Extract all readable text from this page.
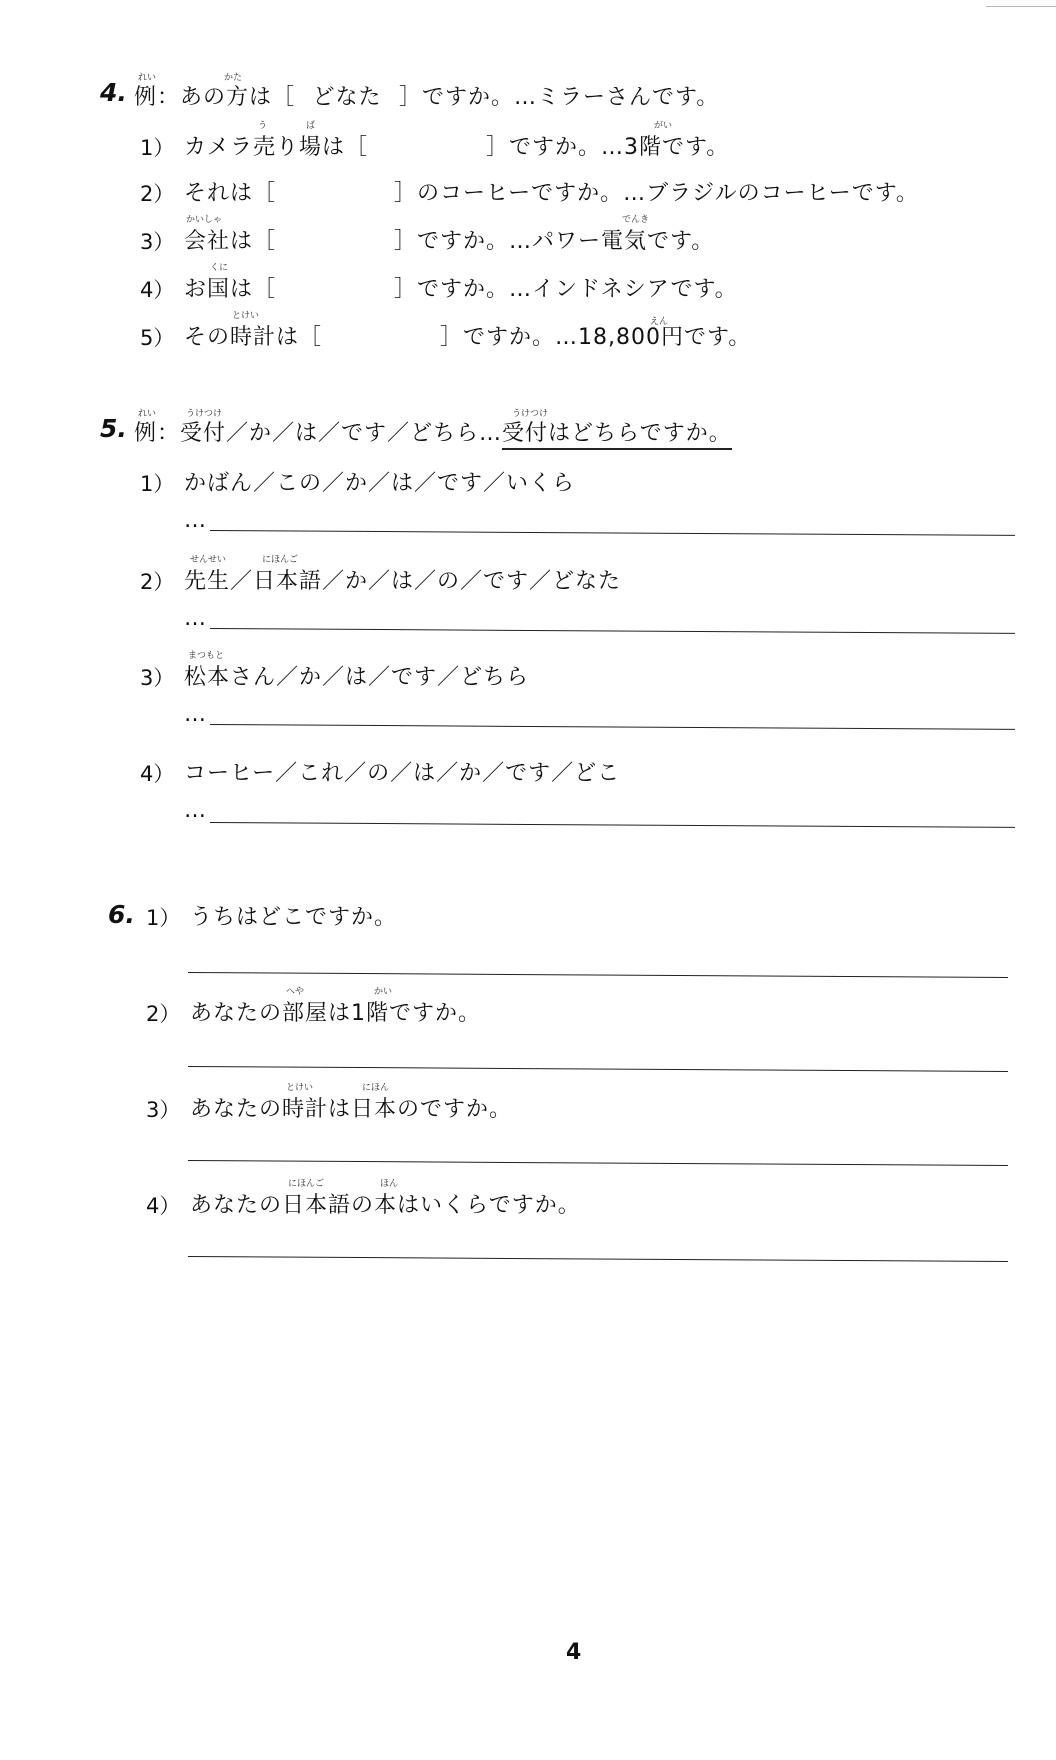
4. れい	かた
例：あの方は［ どなた ］ですか。…ミラーさんです。
う	ば	がい
1） カメラ売り場は［	］ですか。…3階です。
2） それは［	］のコーヒーですか。…ブラジルのコーヒーです。
かいしゃ	でんき
3） 会社は［	］ですか。…パワー電気です。
くに
4） お国は［	］ですか。…インドネシアです。
とけい
えん
5） その時計は［	］ですか。…18,800円です。
5. れい	うけつけ	うけつけ
例：受付／か／は／です／どちら…受付はどちらですか。
1） かばん／この／か／は／です／いくら
…
せんせい	にほんご
2） 先生／日本語／か／は／の／です／どなた
…
まつもと
3） 松本さん／か／は／です／どちら
…
4） コーヒー／これ／の／は／か／です／どこ
…
6. 1） うちはどこですか。
へや	かい
2） あなたの部屋は1階ですか。
とけい	にほん
3） あなたの時計は日本のですか。
にほんご	ほん
4） あなたの日本語の本はいくらですか。
4
